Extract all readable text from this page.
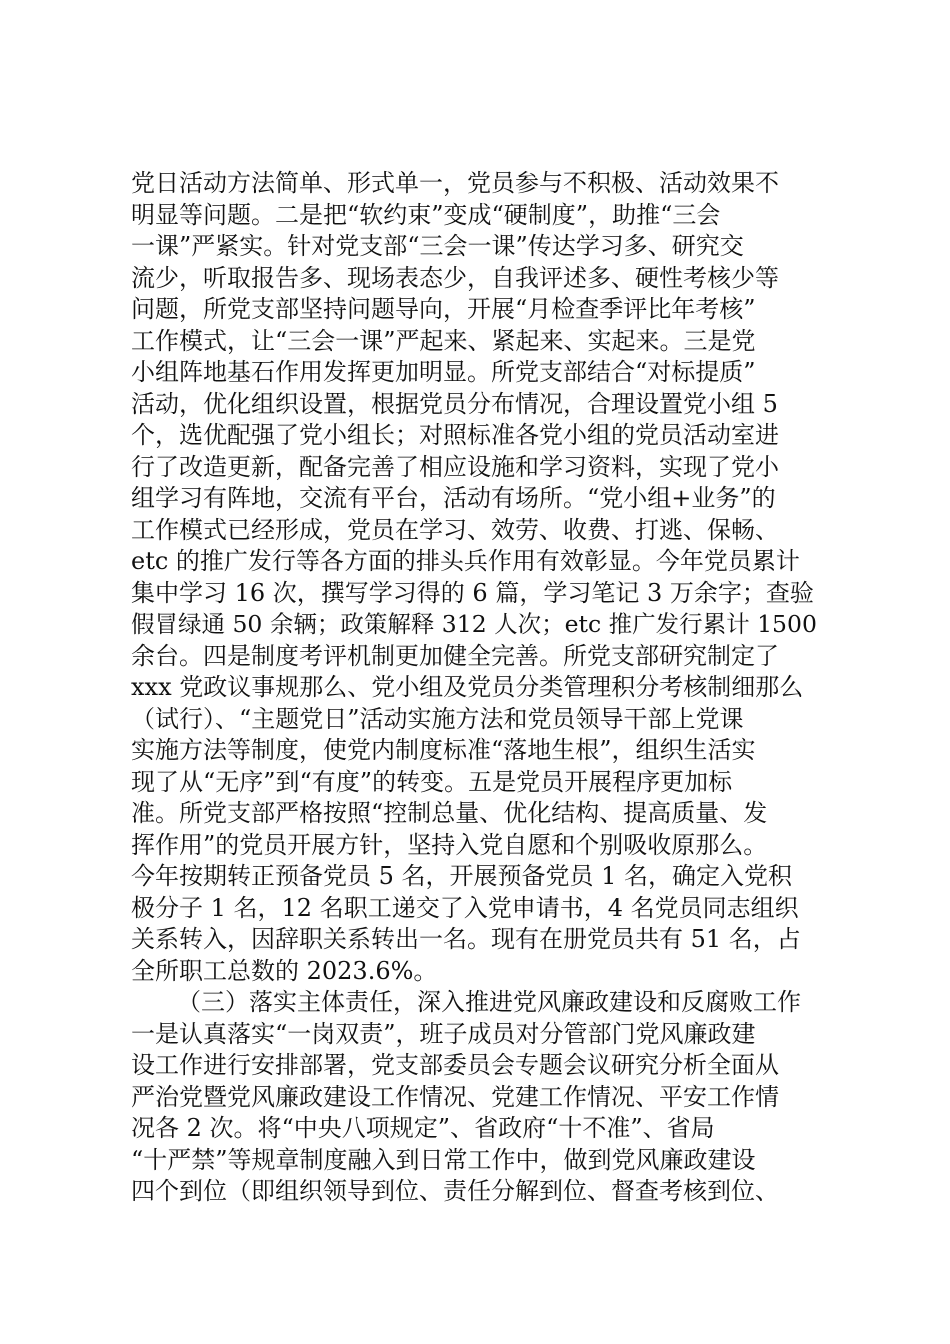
党日活动方法简单、形式单一，党员参与不积极、活动效果不
明显等问题。二是把“软约束”变成“硬制度”，助推“三会
一课”严紧实。针对党支部“三会一课”传达学习多、研究交
流少，听取报告多、现场表态少，自我评述多、硬性考核少等
问题，所党支部坚持问题导向，开展“月检查季评比年考核”
工作模式，让“三会一课”严起来、紧起来、实起来。三是党
小组阵地基石作用发挥更加明显。所党支部结合“对标提质”
活动，优化组织设置，根据党员分布情况，合理设置党小组 5
个，选优配强了党小组长；对照标准各党小组的党员活动室进
行了改造更新，配备完善了相应设施和学习资料，实现了党小
组学习有阵地，交流有平台，活动有场所。“党小组+业务”的
工作模式已经形成，党员在学习、效劳、收费、打逃、保畅、
etc 的推广发行等各方面的排头兵作用有效彰显。今年党员累计
集中学习 16 次，撰写学习得的 6 篇，学习笔记 3 万余字；查验
假冒绿通 50 余辆；政策解释 312 人次；etc 推广发行累计 1500
余台。四是制度考评机制更加健全完善。所党支部研究制定了
xxx 党政议事规那么、党小组及党员分类管理积分考核制细那么
（试行）、“主题党日”活动实施方法和党员领导干部上党课
实施方法等制度，使党内制度标准“落地生根”，组织生活实
现了从“无序”到“有度”的转变。五是党员开展程序更加标
准。所党支部严格按照“控制总量、优化结构、提高质量、发
挥作用”的党员开展方针，坚持入党自愿和个别吸收原那么。
今年按期转正预备党员 5 名，开展预备党员 1 名，确定入党积
极分子 1 名，12 名职工递交了入党申请书，4 名党员同志组织
关系转入，因辞职关系转出一名。现有在册党员共有 51 名，占
全所职工总数的 2023.6%。
（三）落实主体责任，深入推进党风廉政建设和反腐败工作
一是认真落实“一岗双责”，班子成员对分管部门党风廉政建
设工作进行安排部署，党支部委员会专题会议研究分析全面从
严治党暨党风廉政建设工作情况、党建工作情况、平安工作情
况各 2 次。将“中央八项规定”、省政府“十不准”、省局
“十严禁”等规章制度融入到日常工作中，做到党风廉政建设
四个到位（即组织领导到位、责任分解到位、督查考核到位、
